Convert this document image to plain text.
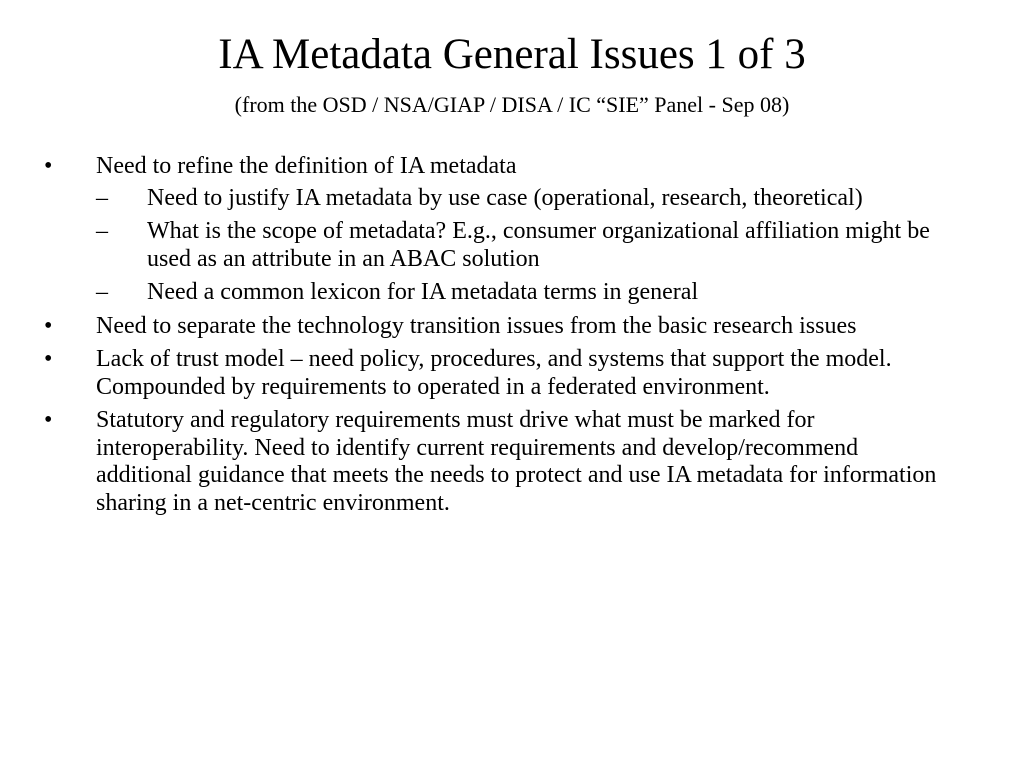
IA Metadata General Issues 1 of 3
(from the OSD / NSA/GIAP / DISA / IC “SIE” Panel - Sep 08)
• Need to refine the definition of IA metadata
– Need to justify IA metadata by use case (operational, research, theoretical)
– What is the scope of metadata? E.g., consumer organizational affiliation might be used as an attribute in an ABAC solution
– Need a common lexicon for IA metadata terms in general
• Need to separate the technology transition issues from the basic research issues
• Lack of trust model – need policy, procedures, and systems that support the model. Compounded by requirements to operated in a federated environment.
• Statutory and regulatory requirements must drive what must be marked for interoperability. Need to identify current requirements and develop/recommend additional guidance that meets the needs to protect and use IA metadata for information sharing in a net-centric environment.
